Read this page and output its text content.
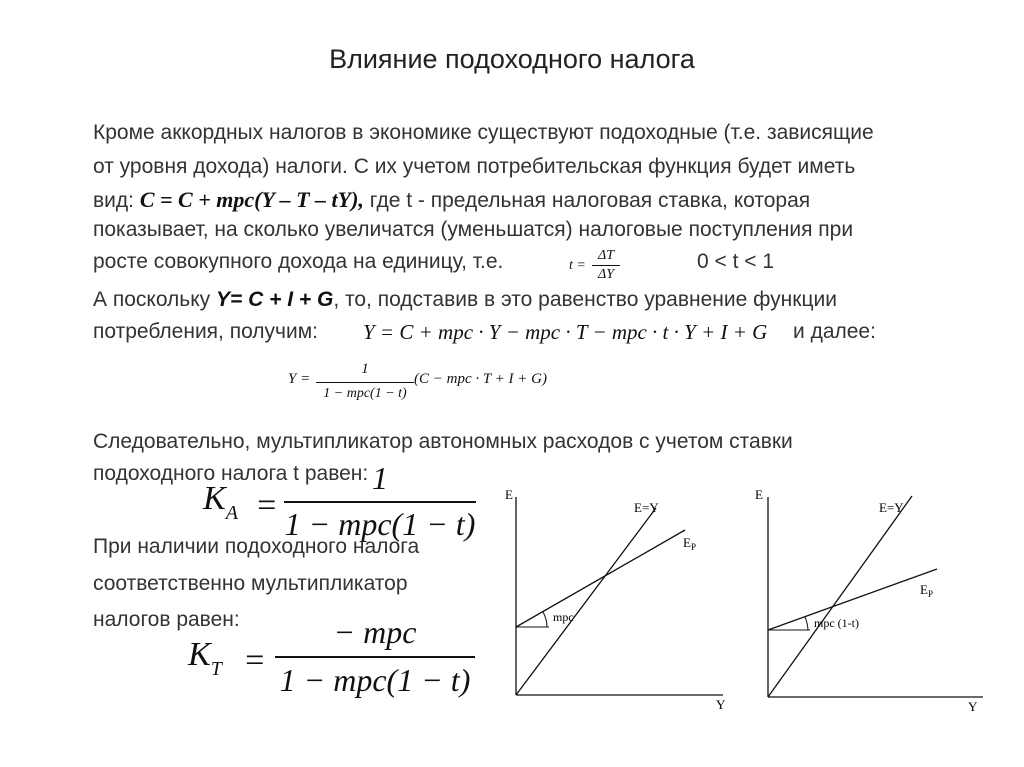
Влияние подоходного налога
Кроме аккордных налогов в экономике существуют подоходные (т.е. зависящие
от уровня дохода) налоги. С их учетом потребительская функция будет иметь
вид: C = C + mpc(Y – T – tY), где t - предельная налоговая ставка, которая
показывает, на сколько увеличатся (уменьшатся) налоговые поступления при
росте совокупного дохода на единицу, т.е.	t =
ΔT
ΔY
0 < t < 1
А поскольку Y= C + I + G, то, подставив в это равенство уравнение функции
потребления, получим: Y = C + mpc · Y − mpc · T − mpc · t · Y + I + G и далее:
Y =
1
1 − mpc(1 − t)
(C − mpc · T + I + G)
Следовательно, мультипликатор автономных расходов с учетом ставки
подоходного налога t равен:
$K_A$ =
1
1 − mpc(1 − t)
При наличии подоходного налога
соответственно мультипликатор
налогов равен:
$K_T$ =
− mpc
1 − mpc(1 − t)
E
Y
E=Y
$E_P$
mpc
E
Y
E=Y
$E_P$
mpc (1-t)
